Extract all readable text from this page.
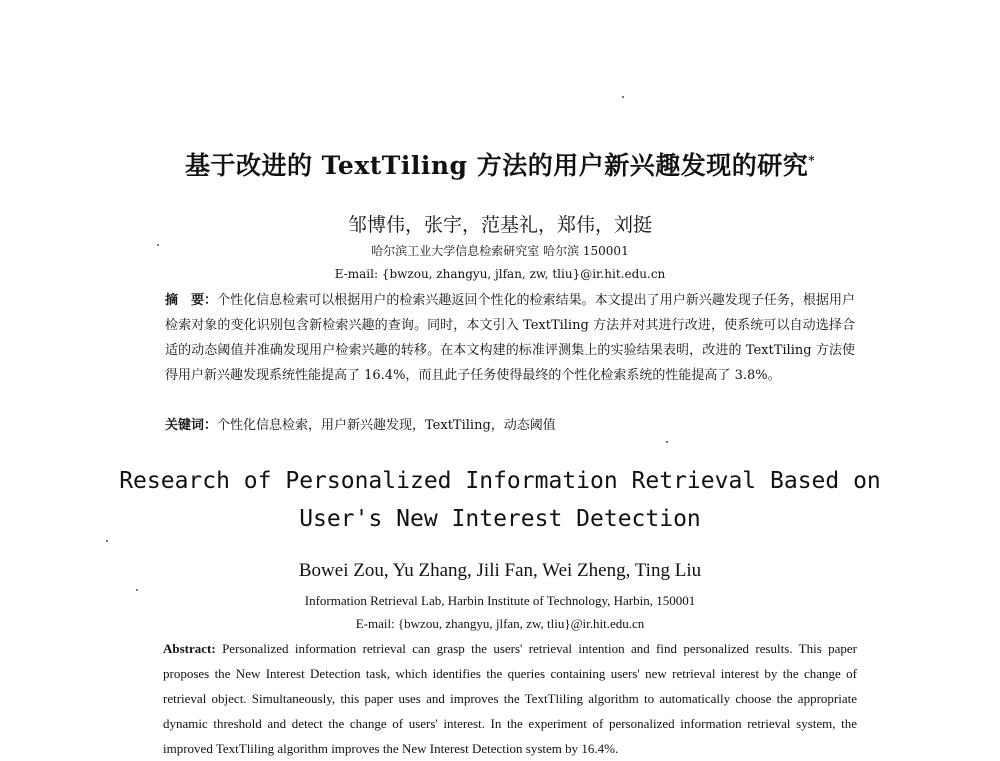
基于改进的 TextTiling 方法的用户新兴趣发现的研究*
邹博伟，张宇，范基礼，郑伟，刘挺
哈尔滨工业大学信息检索研究室 哈尔滨 150001
E-mail: {bwzou, zhangyu, jlfan, zw, tliu}@ir.hit.edu.cn
摘　要：个性化信息检索可以根据用户的检索兴趣返回个性化的检索结果。本文提出了用户新兴趣发现子任务，根据用户检索对象的变化识别包含新检索兴趣的查询。同时，本文引入 TextTiling 方法并对其进行改进，使系统可以自动选择合适的动态阈值并准确发现用户检索兴趣的转移。在本文构建的标准评测集上的实验结果表明，改进的 TextTiling 方法使得用户新兴趣发现系统性能提高了 16.4%，而且此子任务使得最终的个性化检索系统的性能提高了 3.8%。
关键词：个性化信息检索，用户新兴趣发现，TextTiling，动态阈值
Research of Personalized Information Retrieval Based on
User's New Interest Detection
Bowei Zou, Yu Zhang, Jili Fan, Wei Zheng, Ting Liu
Information Retrieval Lab, Harbin Institute of Technology, Harbin, 150001
E-mail: {bwzou, zhangyu, jlfan, zw, tliu}@ir.hit.edu.cn
Abstract: Personalized information retrieval can grasp the users' retrieval intention and find personalized results. This paper proposes the New Interest Detection task, which identifies the queries containing users' new retrieval interest by the change of retrieval object. Simultaneously, this paper uses and improves the TextTliling algorithm to automatically choose the appropriate dynamic threshold and detect the change of users' interest. In the experiment of personalized information retrieval system, the improved TextTliling algorithm improves the New Interest Detection system by 16.4%.
